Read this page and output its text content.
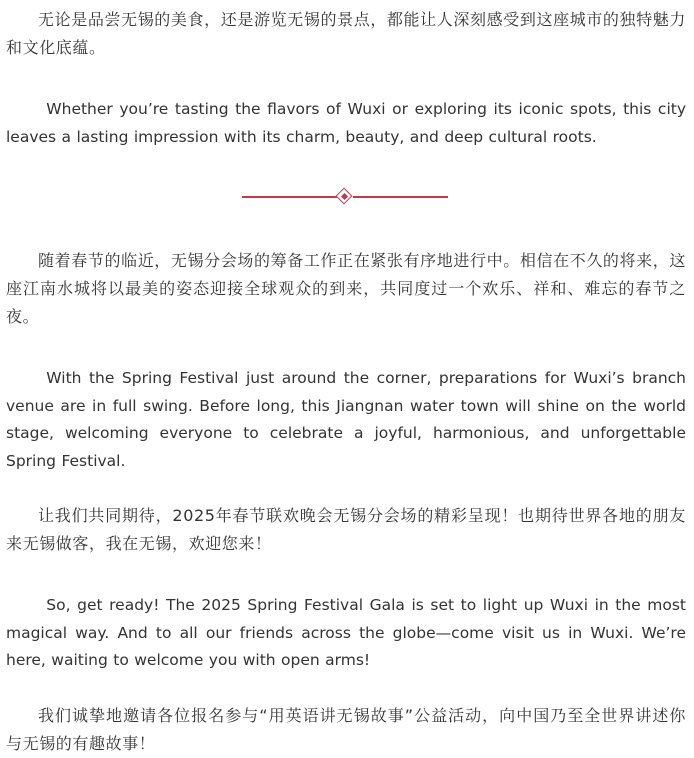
无论是品尝无锡的美食，还是游览无锡的景点，都能让人深刻感受到这座城市的独特魅力和文化底蕴。

Whether you’re tasting the flavors of Wuxi or exploring its iconic spots, this city leaves a lasting impression with its charm, beauty, and deep cultural roots.

随着春节的临近，无锡分会场的筹备工作正在紧张有序地进行中。相信在不久的将来，这座江南水城将以最美的姿态迎接全球观众的到来，共同度过一个欢乐、祥和、难忘的春节之夜。

With the Spring Festival just around the corner, preparations for Wuxi’s branch venue are in full swing. Before long, this Jiangnan water town will shine on the world stage, welcoming everyone to celebrate a joyful, harmonious, and unforgettable Spring Festival.

让我们共同期待，2025年春节联欢晚会无锡分会场的精彩呈现！也期待世界各地的朋友来无锡做客，我在无锡，欢迎您来！

So, get ready! The 2025 Spring Festival Gala is set to light up Wuxi in the most magical way. And to all our friends across the globe—come visit us in Wuxi. We’re here, waiting to welcome you with open arms!

我们诚挚地邀请各位报名参与“用英语讲无锡故事”公益活动，向中国乃至全世界讲述你与无锡的有趣故事！
